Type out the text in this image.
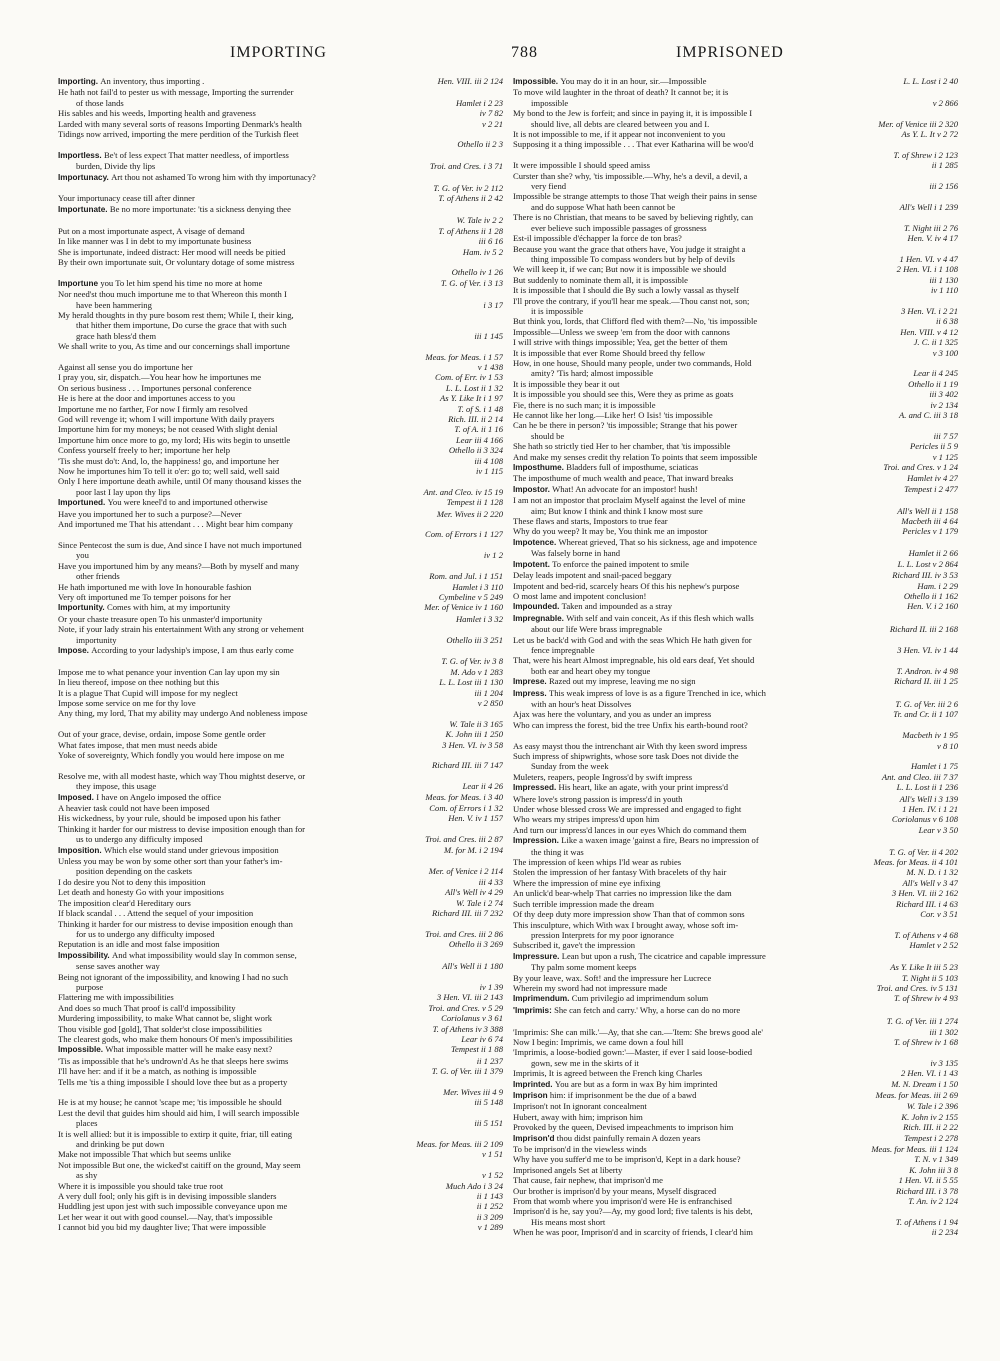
IMPORTING	788	IMPRISONED
Hen. VIII. iii 2 124
Importing. An inventory, thus importing .
He hath not fail'd to pester us with message, Importing the surrender
Hamlet i 2 23
of those lands
iv 7 82
His sables and his weeds, Importing health and graveness
v 2 21
Larded with many several sorts of reasons Importing Denmark's health
Tidings now arrived, importing the mere perdition of the Turkish fleet
Othello ii 2 3
Importless. Be't of less expect That matter needless, of importless
Troi. and Cres. i 3 71
burden, Divide thy lips
Importunacy. Art thou not ashamed To wrong him with thy importunacy?
T. G. of Ver. iv 2 112
T. of Athens ii 2 42
Your importunacy cease till after dinner
Importunate. Be no more importunate: 'tis a sickness denying thee
W. Tale iv 2 2
T. of Athens ii 1 28
Put on a most importunate aspect, A visage of demand
iii 6 16
In like manner was I in debt to my importunate business
Ham. iv 5 2
She is importunate, indeed distract: Her mood will needs be pitied
By their own importunate suit, Or voluntary dotage of some mistress
Othello iv 1 26
T. G. of Ver. i 3 13
Importune you To let him spend his time no more at home
Nor need'st thou much importune me to that Whereon this month I
i 3 17
have been hammering
My herald thoughts in thy pure bosom rest them; While I, their king,
that hither them importune, Do curse the grace that with such
iii 1 145
grace hath bless'd them
We shall write to you, As time and our concernings shall importune
Meas. for Meas. i 1 57
v 1 438
Against all sense you do importune her
Com. of Err. iv 1 53
I pray you, sir, dispatch.—You hear how he importunes me
L. L. Lost ii 1 32
On serious business . . . Importunes personal conference
As Y. Like It i 1 97
He is here at the door and importunes access to you
T. of S. i 1 48
Importune me no farther, For now I firmly am resolved
Rich. III. ii 2 14
God will revenge it; whom I will importune With daily prayers
T. of A. ii 1 16
Importune him for my moneys; be not ceased With slight denial
Lear iii 4 166
Importune him once more to go, my lord; His wits begin to unsettle
Othello ii 3 324
Confess yourself freely to her; importune her help
iii 4 108
'Tis she must do't: And, lo, the happiness! go, and importune her
iv 1 115
Now he importunes him To tell it o'er: go to; well said, well said
Only I here importune death awhile, until Of many thousand kisses the
Ant. and Cleo. iv 15 19
poor last I lay upon thy lips
Tempest ii 1 128
Importuned. You were kneel'd to and importuned otherwise
Mer. Wives ii 2 220
Have you importuned her to such a purpose?—Never
And importuned me That his attendant . . . Might bear him company
Com. of Errors i 1 127
Since Pentecost the sum is due, And since I have not much importuned
iv 1 2
you
Have you importuned him by any means?—Both by myself and many
Rom. and Jul. i 1 151
other friends
Hamlet i 3 110
He hath importuned me with love In honourable fashion
Cymbeline v 5 249
Very oft importuned me To temper poisons for her
Mer. of Venice iv 1 160
Importunity. Comes with him, at my importunity
Hamlet i 3 32
Or your chaste treasure open To his unmaster'd importunity
Note, if your lady strain his entertainment With any strong or vehement
Othello iii 3 251
importunity
Impose. According to your ladyship's impose, I am thus early come
T. G. of Ver. iv 3 8
M. Ado v 1 283
Impose me to what penance your invention Can lay upon my sin
L. L. Lost iii 1 130
In lieu thereof, impose on thee nothing but this
iii 1 204
It is a plague That Cupid will impose for my neglect
v 2 850
Impose some service on me for thy love
Any thing, my lord, That my ability may undergo And nobleness impose
W. Tale ii 3 165
K. John iii 1 250
Out of your grace, devise, ordain, impose Some gentle order
3 Hen. VI. iv 3 58
What fates impose, that men must needs abide
Yoke of sovereignty, Which fondly you would here impose on me
Richard III. iii 7 147
Resolve me, with all modest haste, which way Thou mightst deserve, or
Lear ii 4 26
they impose, this usage
Meas. for Meas. i 3 40
Imposed. I have on Angelo imposed the office
Com. of Errors i 1 32
A heavier task could not have been imposed
Hen. V. iv 1 157
His wickedness, by your rule, should be imposed upon his father
Thinking it harder for our mistress to devise imposition enough than for
Troi. and Cres. iii 2 87
us to undergo any difficulty imposed
M. for M. i 2 194
Imposition. Which else would stand under grievous imposition
Unless you may be won by some other sort than your father's im-
Mer. of Venice i 2 114
position depending on the caskets
iii 4 33
I do desire you Not to deny this imposition
All's Well iv 4 29
Let death and honesty Go with your impositions
W. Tale i 2 74
The imposition clear'd Hereditary ours
Richard III. iii 7 232
If black scandal . . . Attend the sequel of your imposition
Thinking it harder for our mistress to devise imposition enough than
Troi. and Cres. iii 2 86
for us to undergo any difficulty imposed
Othello ii 3 269
Reputation is an idle and most false imposition
Impossibility. And what impossibility would slay In common sense,
All's Well ii 1 180
sense saves another way
Being not ignorant of the impossibility, and knowing I had no such
iv 1 39
purpose
3 Hen. VI. iii 2 143
Flattering me with impossibilities
Troi. and Cres. v 5 29
And does so much That proof is call'd impossibility
Coriolanus v 3 61
Murdering impossibility, to make What cannot be, slight work
T. of Athens iv 3 388
Thou visible god [gold], That solder'st close impossibilities
Lear iv 6 74
The clearest gods, who make them honours Of men's impossibilities
Tempest ii 1 88
Impossible. What impossible matter will he make easy next?
ii 1 237
'Tis as impossible that he's undrown'd As he that sleeps here swims
T. G. of Ver. iii 1 379
I'll have her: and if it be a match, as nothing is impossible
Tells me 'tis a thing impossible I should love thee but as a property
Mer. Wives iii 4 9
iii 5 148
He is at my house; he cannot 'scape me; 'tis impossible he should
Lest the devil that guides him should aid him, I will search impossible
iii 5 151
places
It is well allied: but it is impossible to extirp it quite, friar, till eating
Meas. for Meas. iii 2 109
and drinking be put down
v 1 51
Make not impossible That which but seems unlike
Not impossible But one, the wicked'st caitiff on the ground, May seem
v 1 52
as shy
Much Ado i 3 24
Where it is impossible you should take true root
ii 1 143
A very dull fool; only his gift is in devising impossible slanders
ii 1 252
Huddling jest upon jest with such impossible conveyance upon me
ii 3 209
Let her wear it out with good counsel.—Nay, that's impossible
v 1 289
I cannot bid you bid my daughter live; That were impossible
L. L. Lost i 2 40
Impossible. You may do it in an hour, sir.—Impossible
To move wild laughter in the throat of death? It cannot be; it is
v 2 866
impossible
My bond to the Jew is forfeit; and since in paying it, it is impossible I
Mer. of Venice iii 2 320
should live, all debts are cleared between you and I.
As Y. L. It v 2 72
It is not impossible to me, if it appear not inconvenient to you
Supposing it a thing impossible . . . That ever Katharina will be woo'd
T. of Shrew i 2 123
ii 1 285
It were impossible I should speed amiss
Curster than she? why, 'tis impossible.—Why, he's a devil, a devil, a
iii 2 156
very fiend
Impossible be strange attempts to those That weigh their pains in sense
All's Well i 1 239
and do suppose What hath been cannot be
There is no Christian, that means to be saved by believing rightly, can
T. Night iii 2 76
ever believe such impossible passages of grossness
Hen. V. iv 4 17
Est-il impossible d'échapper la force de ton bras?
Because you want the grace that others have, You judge it straight a
1 Hen. VI. v 4 47
thing impossible To compass wonders but by help of devils
2 Hen. VI. i 1 108
We will keep it, if we can; But now it is impossible we should
iii 1 130
But suddenly to nominate them all, it is impossible
iv 1 110
It is impossible that I should die By such a lowly vassal as thyself
I'll prove the contrary, if you'll hear me speak.—Thou canst not, son;
3 Hen. VI. i 2 21
it is impossible
ii 6 38
But think you, lords, that Clifford fled with them?—No, 'tis impossible
Hen. VIII. v 4 12
Impossible—Unless we sweep 'em from the door with cannons
J. C. ii 1 325
I will strive with things impossible; Yea, get the better of them
v 3 100
It is impossible that ever Rome Should breed thy fellow
How, in one house, Should many people, under two commands, Hold
Lear ii 4 245
amity? 'Tis hard; almost impossible
Othello ii 1 19
It is impossible they bear it out
iii 3 402
It is impossible you should see this, Were they as prime as goats
iv 2 134
Fie, there is no such man; it is impossible
A. and C. iii 3 18
He cannot like her long.—Like her! O Isis! 'tis impossible
Can he be there in person? 'tis impossible; Strange that his power
iii 7 57
should be
Pericles ii 5 9
She hath so strictly tied Her to her chamber, that 'tis impossible
v 1 125
And make my senses credit thy relation To points that seem impossible
Troi. and Cres. v 1 24
Imposthume. Bladders full of imposthume, sciaticas
Hamlet iv 4 27
The imposthume of much wealth and peace, That inward breaks
Tempest i 2 477
Impostor. What! An advocate for an impostor! hush!
I am not an impostor that proclaim Myself against the level of mine
All's Well ii 1 158
aim; But know I think and think I know most sure
Macbeth iii 4 64
These flaws and starts, Impostors to true fear
Pericles v 1 179
Why do you weep? It may be, You think me an impostor
Impotence. Whereat grieved, That so his sickness, age and impotence
Hamlet ii 2 66
Was falsely borne in hand
L. L. Lost v 2 864
Impotent. To enforce the pained impotent to smile
Richard III. iv 3 53
Delay leads impotent and snail-paced beggary
Ham. i 2 29
Impotent and bed-rid, scarcely hears Of this his nephew's purpose
Othello ii 1 162
O most lame and impotent conclusion!
Hen. V. i 2 160
Impounded. Taken and impounded as a stray
Impregnable. With self and vain conceit, As if this flesh which walls
Richard II. iii 2 168
about our life Were brass impregnable
Let us be back'd with God and with the seas Which He hath given for
3 Hen. VI. iv 1 44
fence impregnable
That, were his heart Almost impregnable, his old ears deaf, Yet should
T. Andron. iv 4 98
both ear and heart obey my tongue
Richard II. iii 1 25
Imprese. Razed out my imprese, leaving me no sign
Impress. This weak impress of love is as a figure Trenched in ice, which
T. G. of Ver. iii 2 6
with an hour's heat Dissolves
Tr. and Cr. ii 1 107
Ajax was here the voluntary, and you as under an impress
Who can impress the forest, bid the tree Unfix his earth-bound root?
Macbeth iv 1 95
v 8 10
As easy mayst thou the intrenchant air With thy keen sword impress
Such impress of shipwrights, whose sore task Does not divide the
Hamlet i 1 75
Sunday from the week
Ant. and Cleo. iii 7 37
Muleters, reapers, people Ingross'd by swift impress
L. L. Lost ii 1 236
Impressed. His heart, like an agate, with your print impress'd
All's Well i 3 139
Where love's strong passion is impress'd in youth
1 Hen. IV. i 1 21
Under whose blessed cross We are impressed and engaged to fight
Coriolanus v 6 108
Who wears my stripes impress'd upon him
Lear v 3 50
And turn our impress'd lances in our eyes Which do command them
Impression. Like a waxen image 'gainst a fire, Bears no impression of
T. G. of Ver. ii 4 202
the thing it was
Meas. for Meas. ii 4 101
The impression of keen whips I'ld wear as rubies
M. N. D. i 1 32
Stolen the impression of her fantasy With bracelets of thy hair
All's Well v 3 47
Where the impression of mine eye infixing
3 Hen. VI. iii 2 162
An unlick'd bear-whelp That carries no impression like the dam
Richard III. i 4 63
Such terrible impression made the dream
Cor. v 3 51
Of thy deep duty more impression show Than that of common sons
This insculpture, which With wax I brought away, whose soft im-
T. of Athens v 4 68
pression Interprets for my poor ignorance
Hamlet v 2 52
Subscribed it, gave't the impression
Impressure. Lean but upon a rush, The cicatrice and capable impressure
As Y. Like It iii 5 23
Thy palm some moment keeps
T. Night ii 5 103
By your leave, wax. Soft! and the impressure her Lucrece
Troi. and Cres. iv 5 131
Wherein my sword had not impressure made
T. of Shrew iv 4 93
Imprimendum. Cum privilegio ad imprimendum solum
'Imprimis: She can fetch and carry.' Why, a horse can do no more
T. G. of Ver. iii 1 274
iii 1 302
'Imprimis: She can milk.'—Ay, that she can.—'Item: She brews good ale'
T. of Shrew iv 1 68
Now I begin: Imprimis, we came down a foul hill
'Imprimis, a loose-bodied gown:'—Master, if ever I said loose-bodied
iv 3 135
gown, sew me in the skirts of it
2 Hen. VI. i 1 43
Imprimis, It is agreed between the French king Charles
M. N. Dream i 1 50
Imprinted. You are but as a form in wax By him imprinted
Meas. for Meas. iii 2 69
Imprison him: if imprisonment be the due of a bawd
W. Tale i 2 396
Imprison't not In ignorant concealment
K. John iv 2 155
Hubert, away with him; imprison him
Rich. III. ii 2 22
Provoked by the queen, Devised impeachments to imprison him
Tempest i 2 278
Imprison'd thou didst painfully remain A dozen years
Meas. for Meas. iii 1 124
To be imprison'd in the viewless winds
T. N. v 1 349
Why have you suffer'd me to be imprison'd, Kept in a dark house?
K. John iii 3 8
Imprisoned angels Set at liberty
1 Hen. VI. ii 5 55
That cause, fair nephew, that imprison'd me
Richard III. i 3 78
Our brother is imprison'd by your means, Myself disgraced
T. An. iv 2 124
From that womb where you imprison'd were He is enfranchised
Imprison'd is he, say you?—Ay, my good lord; five talents is his debt,
T. of Athens i 1 94
His means most short
ii 2 234
When he was poor, Imprison'd and in scarcity of friends, I clear'd him
